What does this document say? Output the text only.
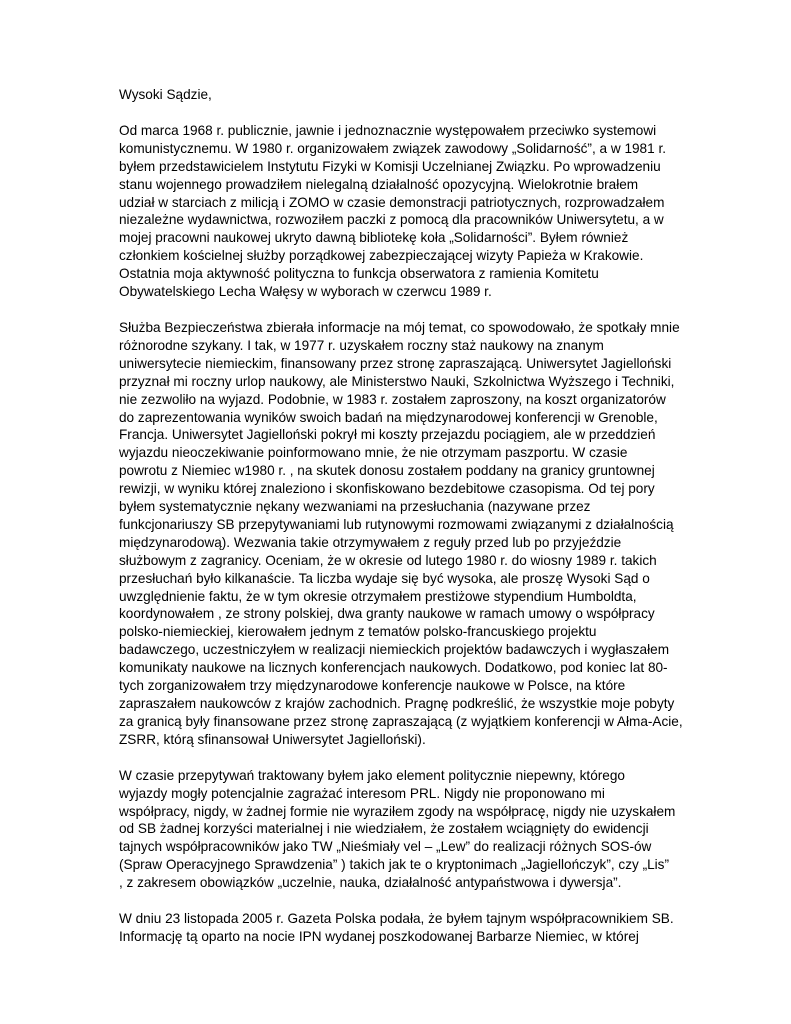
Wysoki Sądzie,

Od marca 1968 r. publicznie, jawnie i jednoznacznie występowałem przeciwko systemowi
komunistycznemu. W 1980 r. organizowałem związek zawodowy „Solidarność”, a w 1981 r.
byłem przedstawicielem Instytutu Fizyki w Komisji Uczelnianej Związku. Po wprowadzeniu
stanu wojennego prowadziłem nielegalną działalność opozycyjną. Wielokrotnie brałem
udział w starciach z milicją i ZOMO w czasie demonstracji patriotycznych, rozprowadzałem
niezależne wydawnictwa, rozwoziłem paczki z pomocą dla pracowników Uniwersytetu, a w
mojej pracowni naukowej ukryto dawną bibliotekę koła „Solidarności”. Byłem również
członkiem kościelnej służby porządkowej zabezpieczającej wizyty Papieża w Krakowie.
Ostatnia moja aktywność polityczna to funkcja obserwatora z ramienia Komitetu
Obywatelskiego Lecha Wałęsy w wyborach w czerwcu 1989 r.

Służba Bezpieczeństwa zbierała informacje na mój temat, co spowodowało, że spotkały mnie
różnorodne szykany. I tak, w 1977 r. uzyskałem roczny staż naukowy na znanym
uniwersytecie niemieckim, finansowany przez stronę zapraszającą. Uniwersytet Jagielloński
przyznał mi roczny urlop naukowy, ale Ministerstwo Nauki, Szkolnictwa Wyższego i Techniki,
nie zezwoliło na wyjazd. Podobnie, w 1983 r. zostałem zaproszony, na koszt organizatorów
do zaprezentowania wyników swoich badań na międzynarodowej konferencji w Grenoble,
Francja. Uniwersytet Jagielloński pokrył mi koszty przejazdu pociągiem, ale w przeddzień
wyjazdu nieoczekiwanie poinformowano mnie, że nie otrzymam paszportu. W czasie
powrotu z Niemiec w1980 r. , na skutek donosu zostałem poddany na granicy gruntownej
rewizji, w wyniku której znaleziono i skonfiskowano bezdebitowe czasopisma. Od tej pory
byłem systematycznie nękany wezwaniami na przesłuchania (nazywane przez
funkcjonariuszy SB przepytywaniami lub rutynowymi rozmowami związanymi z działalnością
międzynarodową). Wezwania takie otrzymywałem z reguły przed lub po przyjeździe
służbowym z zagranicy. Oceniam, że w okresie od lutego 1980 r. do wiosny 1989 r. takich
przesłuchań było kilkanaście. Ta liczba wydaje się być wysoka, ale proszę Wysoki Sąd o
uwzględnienie faktu, że w tym okresie otrzymałem prestiżowe stypendium Humboldta,
koordynowałem , ze strony polskiej, dwa granty naukowe w ramach umowy o współpracy
polsko-niemieckiej, kierowałem jednym z tematów polsko-francuskiego projektu
badawczego, uczestniczyłem w realizacji niemieckich projektów badawczych i wygłaszałem
komunikaty naukowe na licznych konferencjach naukowych. Dodatkowo, pod koniec lat 80-
tych zorganizowałem trzy międzynarodowe konferencje naukowe w Polsce, na które
zapraszałem naukowców z krajów zachodnich. Pragnę podkreślić, że wszystkie moje pobyty
za granicą były finansowane przez stronę zapraszającą (z wyjątkiem konferencji w Ałma-Acie,
ZSRR, którą sfinansował Uniwersytet Jagielloński).

W czasie przepytywań traktowany byłem jako element politycznie niepewny, którego
wyjazdy mogły potencjalnie zagrażać interesom PRL. Nigdy nie proponowano mi
współpracy, nigdy, w żadnej formie nie wyraziłem zgody na współpracę, nigdy nie uzyskałem
od SB żadnej korzyści materialnej i nie wiedziałem, że zostałem wciągnięty do ewidencji
tajnych współpracowników jako TW „Nieśmiały vel – „Lew” do realizacji różnych SOS-ów
(Spraw Operacyjnego Sprawdzenia” ) takich jak te o kryptonimach „Jagiellończyk”, czy „Lis”
, z zakresem obowiązków „uczelnie, nauka, działalność antypaństwowa i dywersja”.

W dniu 23 listopada 2005 r. Gazeta Polska podała, że byłem tajnym współpracownikiem SB.
Informację tą oparto na nocie IPN wydanej poszkodowanej Barbarze Niemiec, w której
